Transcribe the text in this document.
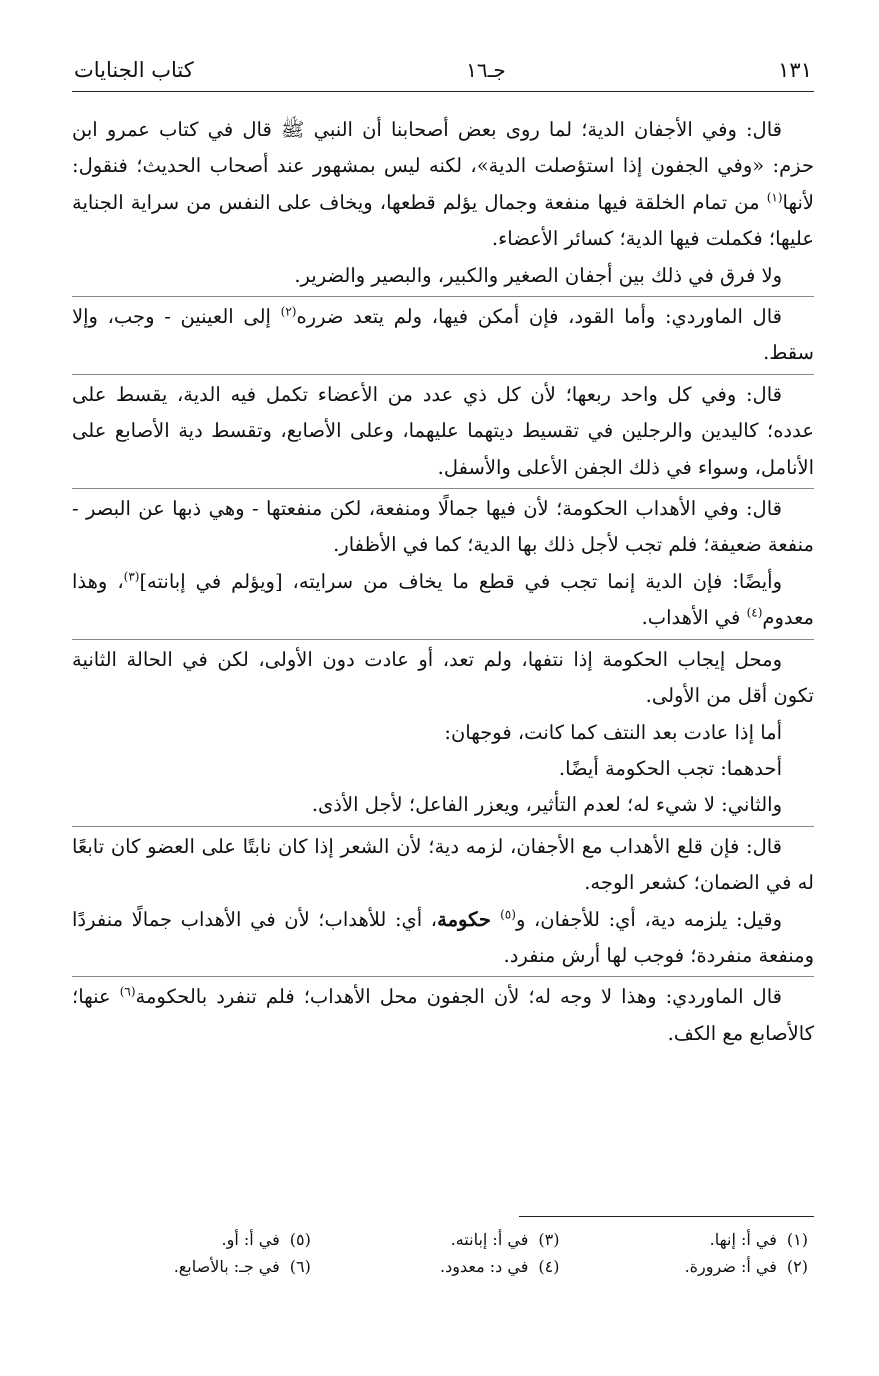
١٣١
جـ١٦
كتاب الجنايات

قال: وفي الأجفان الدية؛ لما روى بعض أصحابنا أن النبي ﷺ قال في كتاب عمرو ابن حزم: «وفي الجفون إذا استؤصلت الدية»، لكنه ليس بمشهور عند أصحاب الحديث؛ فنقول: لأنها$^{(١)}$ من تمام الخلقة فيها منفعة وجمال يؤلم قطعها، ويخاف على النفس من سراية الجناية عليها؛ فكملت فيها الدية؛ كسائر الأعضاء.

ولا فرق في ذلك بين أجفان الصغير والكبير، والبصير والضرير.

قال الماوردي: وأما القود، فإن أمكن فيها، ولم يتعد ضرره$^{(٢)}$ إلى العينين - وجب، وإلا سقط.

قال: وفي كل واحد ربعها؛ لأن كل ذي عدد من الأعضاء تكمل فيه الدية، يقسط على عدده؛ كاليدين والرجلين في تقسيط ديتهما عليهما، وعلى الأصابع، وتقسط دية الأصابع على الأنامل، وسواء في ذلك الجفن الأعلى والأسفل.

قال: وفي الأهداب الحكومة؛ لأن فيها جمالًا ومنفعة، لكن منفعتها - وهي ذبها عن البصر - منفعة ضعيفة؛ فلم تجب لأجل ذلك بها الدية؛ كما في الأظفار.

وأيضًا: فإن الدية إنما تجب في قطع ما يخاف من سرايته، [ويؤلم في إبانته]$^{(٣)}$، وهذا معدوم$^{(٤)}$ في الأهداب.

ومحل إيجاب الحكومة إذا نتفها، ولم تعد، أو عادت دون الأولى، لكن في الحالة الثانية تكون أقل من الأولى.

أما إذا عادت بعد النتف كما كانت، فوجهان:

أحدهما: تجب الحكومة أيضًا.

والثاني: لا شيء له؛ لعدم التأثير، ويعزر الفاعل؛ لأجل الأذى.

قال: فإن قلع الأهداب مع الأجفان، لزمه دية؛ لأن الشعر إذا كان نابتًا على العضو كان تابعًا له في الضمان؛ كشعر الوجه.

وقيل: يلزمه دية، أي: للأجفان، و$^{(٥)}$ حكومة، أي: للأهداب؛ لأن في الأهداب جمالًا منفردًا ومنفعة منفردة؛ فوجب لها أرش منفرد.

قال الماوردي: وهذا لا وجه له؛ لأن الجفون محل الأهداب؛ فلم تنفرد بالحكومة$^{(٦)}$ عنها؛ كالأصابع مع الكف.

(١)في أ: إنها.
(٣)في أ: إبانته.
(٥)في أ: أو.
(٢)في أ: ضرورة.
(٤)في د: معدود.
(٦)في جـ: بالأصابع.
